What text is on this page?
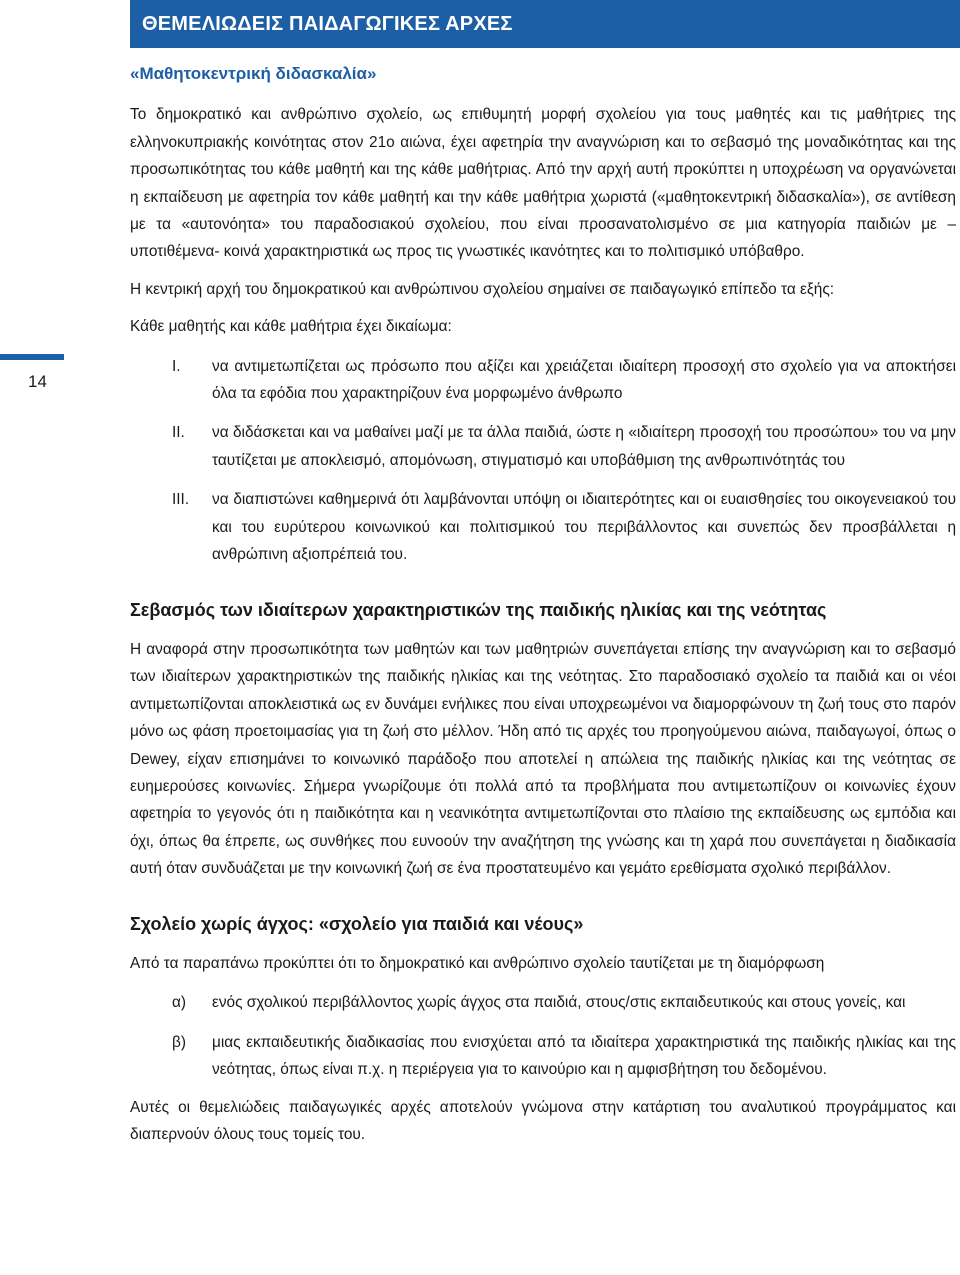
ΘΕΜΕΛΙΩΔΕΙΣ ΠΑΙΔΑΓΩΓΙΚΕΣ ΑΡΧΕΣ
14
«Μαθητοκεντρική διδασκαλία»

Το δημοκρατικό και ανθρώπινο σχολείο, ως επιθυμητή μορφή σχολείου για τους μαθητές και τις μαθήτριες της ελληνοκυπριακής κοινότητας στον 21ο αιώνα, έχει αφετηρία την αναγνώριση και το σεβασμό της μοναδικότητας και της προσωπικότητας του κάθε μαθητή και της κάθε μαθήτριας. Από την αρχή αυτή προκύπτει η υποχρέωση να οργανώνεται η εκπαίδευση με αφετηρία τον κάθε μαθητή και την κάθε μαθήτρια χωριστά («μαθητοκεντρική διδασκαλία»), σε αντίθεση με τα «αυτονόητα» του παραδοσιακού σχολείου, που είναι προσανατολισμένο σε μια κατηγορία παιδιών με –υποτιθέμενα- κοινά χαρακτηριστικά ως προς τις γνωστικές ικανότητες και το πολιτισμικό υπόβαθρο.

Η κεντρική αρχή του δημοκρατικού και ανθρώπινου σχολείου σημαίνει σε παιδαγωγικό επίπεδο τα εξής:

Κάθε μαθητής και κάθε μαθήτρια έχει δικαίωμα:

I.	να αντιμετωπίζεται ως πρόσωπο που αξίζει και χρειάζεται ιδιαίτερη προσοχή στο σχολείο για να αποκτήσει όλα τα εφόδια που χαρακτηρίζουν ένα μορφωμένο άνθρωπο
II.	να διδάσκεται και να μαθαίνει μαζί με τα άλλα παιδιά, ώστε η «ιδιαίτερη προσοχή του προσώπου» του να μην ταυτίζεται με αποκλεισμό, απομόνωση, στιγματισμό και υποβάθμιση της ανθρωπινότητάς του
III.	να διαπιστώνει καθημερινά ότι λαμβάνονται υπόψη οι ιδιαιτερότητες και οι ευαισθησίες του οικογενειακού του και του ευρύτερου κοινωνικού και πολιτισμικού του περιβάλλοντος και συνεπώς δεν προσβάλλεται η ανθρώπινη αξιοπρέπειά του.
Σεβασμός των ιδιαίτερων χαρακτηριστικών της παιδικής ηλικίας και της νεότητας

Η αναφορά στην προσωπικότητα των μαθητών και των μαθητριών συνεπάγεται επίσης την αναγνώριση και το σεβασμό των ιδιαίτερων χαρακτηριστικών της παιδικής ηλικίας και της νεότητας. Στο παραδοσιακό σχολείο τα παιδιά και οι νέοι αντιμετωπίζονται αποκλειστικά ως εν δυνάμει ενήλικες που είναι υποχρεωμένοι να διαμορφώνουν τη ζωή τους στο παρόν μόνο ως φάση προετοιμασίας για τη ζωή στο μέλλον. Ήδη από τις αρχές του προηγούμενου αιώνα, παιδαγωγοί, όπως ο Dewey, είχαν επισημάνει το κοινωνικό παράδοξο που αποτελεί η απώλεια της παιδικής ηλικίας και της νεότητας σε ευημερούσες κοινωνίες. Σήμερα γνωρίζουμε ότι πολλά από τα προβλήματα που αντιμετωπίζουν οι κοινωνίες έχουν αφετηρία το γεγονός ότι η παιδικότητα και η νεανικότητα αντιμετωπίζονται στο πλαίσιο της εκπαίδευσης ως εμπόδια και όχι, όπως θα έπρεπε, ως συνθήκες που ευνοούν την αναζήτηση της γνώσης και τη χαρά που συνεπάγεται η διαδικασία αυτή όταν συνδυάζεται με την κοινωνική ζωή σε ένα προστατευμένο και γεμάτο ερεθίσματα σχολικό περιβάλλον.

Σχολείο χωρίς άγχος: «σχολείο για παιδιά και νέους»

Από τα παραπάνω προκύπτει ότι το δημοκρατικό και ανθρώπινο σχολείο ταυτίζεται με τη διαμόρφωση

α)	ενός σχολικού περιβάλλοντος χωρίς άγχος στα παιδιά, στους/στις εκπαιδευτικούς και στους γονείς, και
β)	μιας εκπαιδευτικής διαδικασίας που ενισχύεται από τα ιδιαίτερα χαρακτηριστικά της παιδικής ηλικίας και της νεότητας, όπως είναι π.χ. η περιέργεια για το καινούριο και η αμφισβήτηση του δεδομένου.

Αυτές οι θεμελιώδεις παιδαγωγικές αρχές αποτελούν γνώμονα στην κατάρτιση του αναλυτικού προγράμματος και διαπερνούν όλους τους τομείς του.
